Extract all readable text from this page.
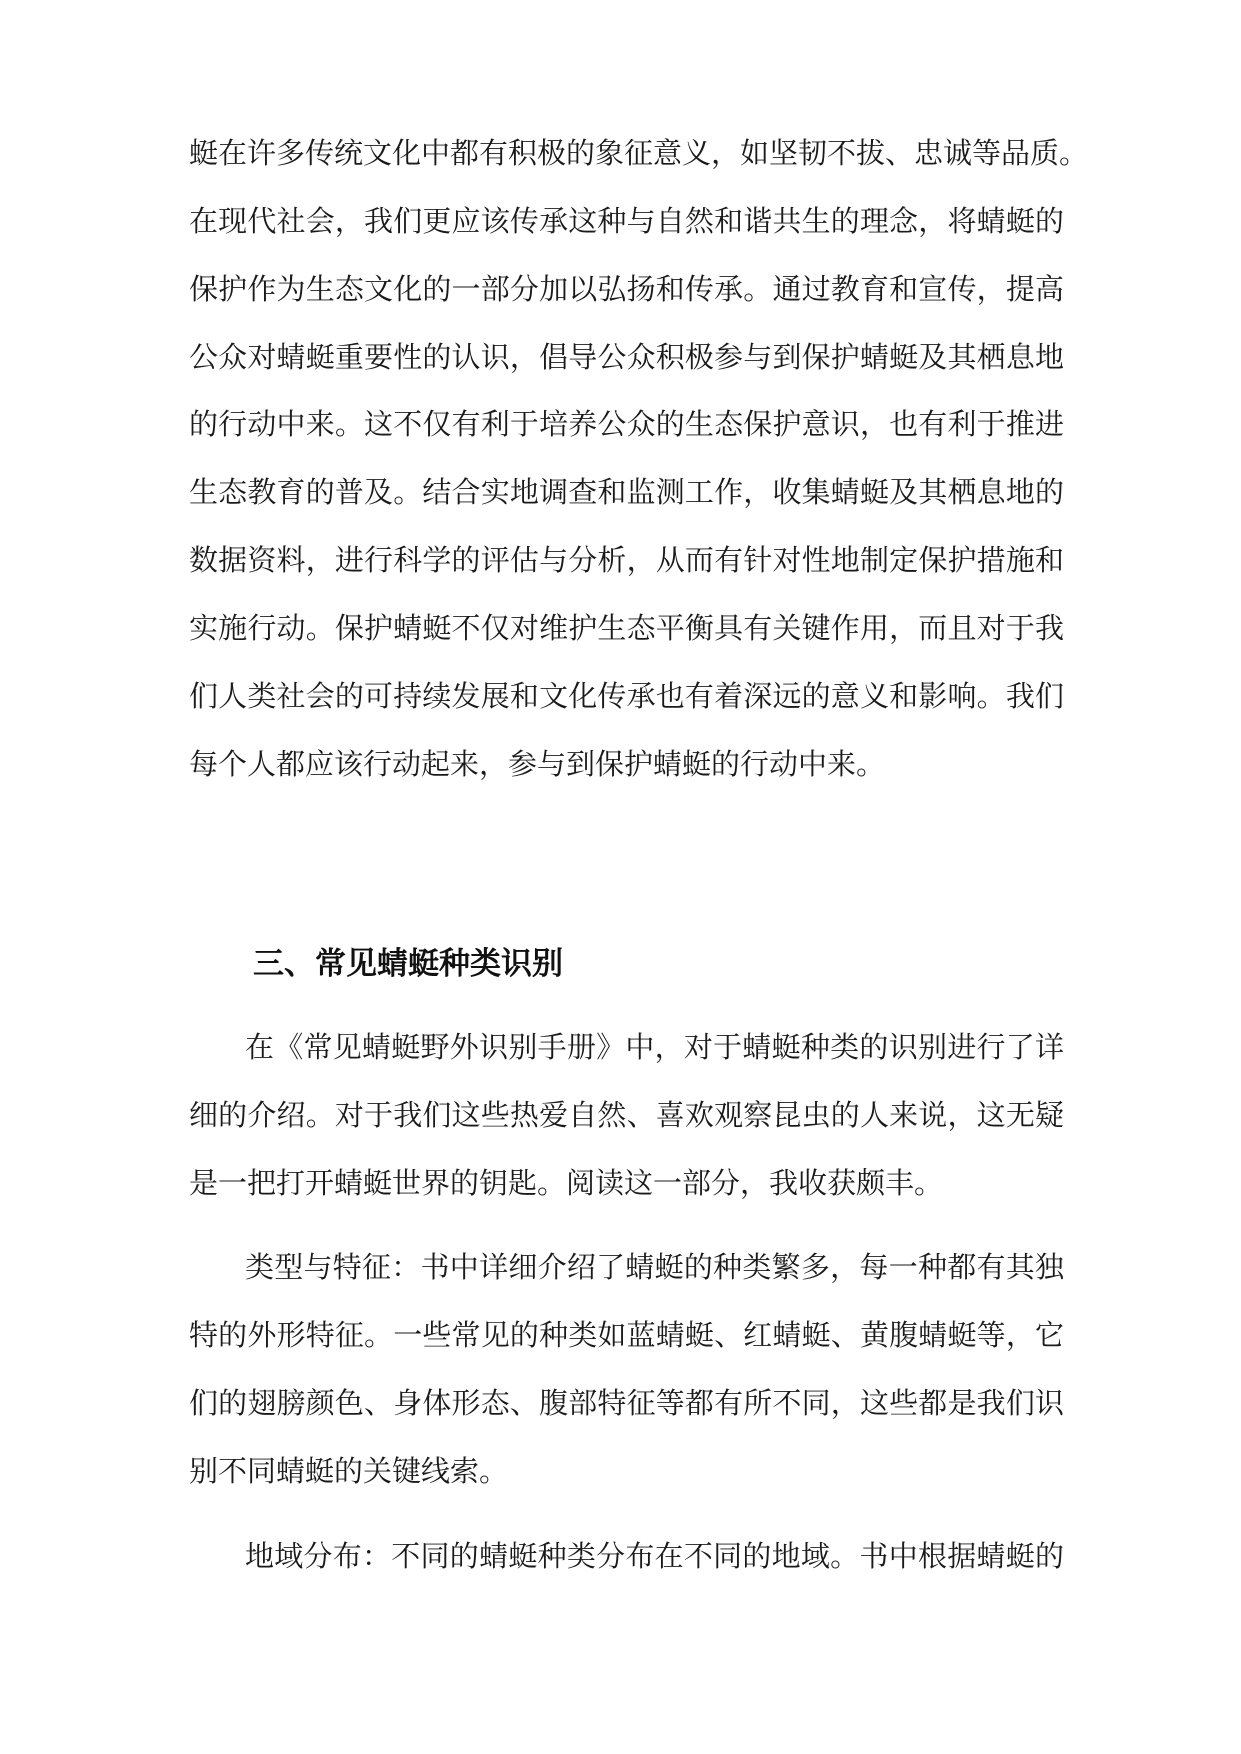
蜓在许多传统文化中都有积极的象征意义，如坚韧不拔、忠诚等品质。
在现代社会，我们更应该传承这种与自然和谐共生的理念，将蜻蜓的
保护作为生态文化的一部分加以弘扬和传承。通过教育和宣传，提高
公众对蜻蜓重要性的认识，倡导公众积极参与到保护蜻蜓及其栖息地
的行动中来。这不仅有利于培养公众的生态保护意识，也有利于推进
生态教育的普及。结合实地调查和监测工作，收集蜻蜓及其栖息地的
数据资料，进行科学的评估与分析，从而有针对性地制定保护措施和
实施行动。保护蜻蜓不仅对维护生态平衡具有关键作用，而且对于我
们人类社会的可持续发展和文化传承也有着深远的意义和影响。我们
每个人都应该行动起来，参与到保护蜻蜓的行动中来。
三、常见蜻蜓种类识别
在《常见蜻蜓野外识别手册》中，对于蜻蜓种类的识别进行了详
细的介绍。对于我们这些热爱自然、喜欢观察昆虫的人来说，这无疑
是一把打开蜻蜓世界的钥匙。阅读这一部分，我收获颇丰。
类型与特征：书中详细介绍了蜻蜓的种类繁多，每一种都有其独
特的外形特征。一些常见的种类如蓝蜻蜓、红蜻蜓、黄腹蜻蜓等，它
们的翅膀颜色、身体形态、腹部特征等都有所不同，这些都是我们识
别不同蜻蜓的关键线索。
地域分布：不同的蜻蜓种类分布在不同的地域。书中根据蜻蜓的
